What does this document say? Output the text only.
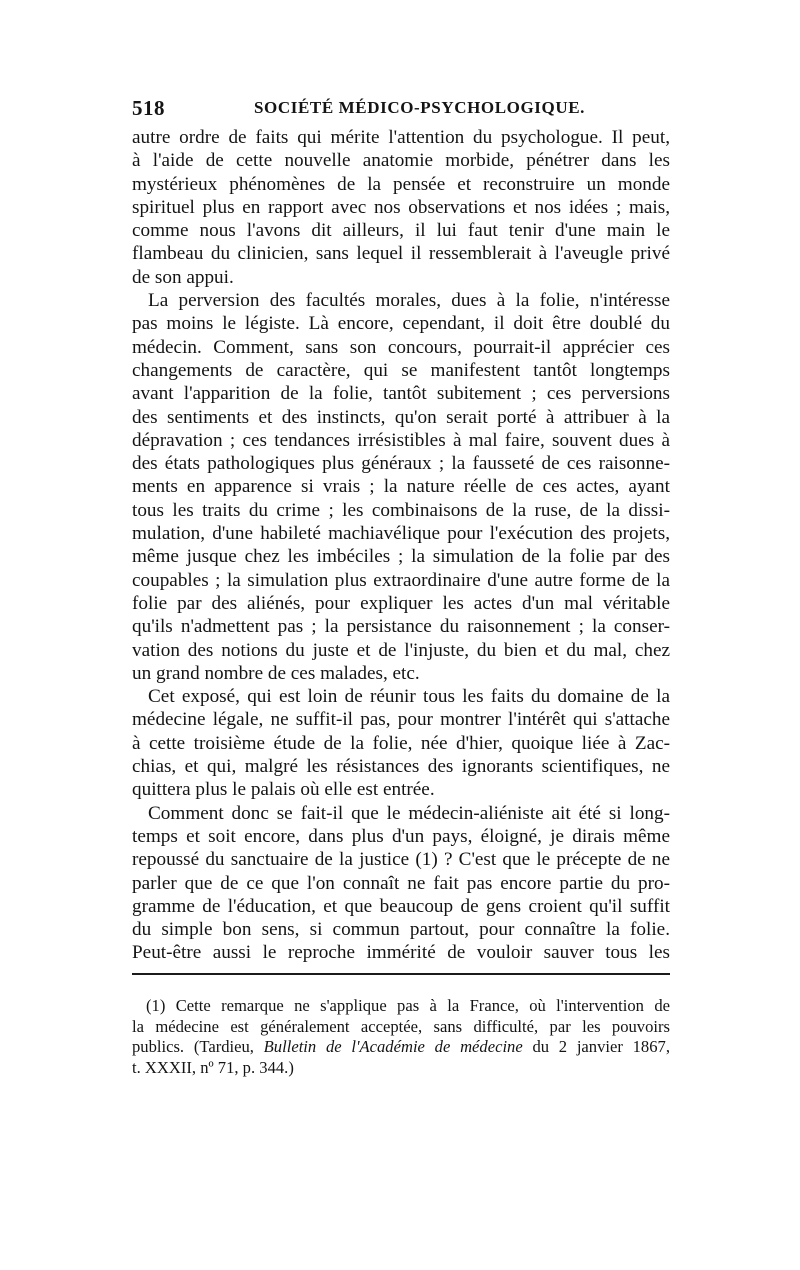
518	SOCIÉTÉ MÉDICO-PSYCHOLOGIQUE.
autre ordre de faits qui mérite l'attention du psychologue. Il peut,
à l'aide de cette nouvelle anatomie morbide, pénétrer dans les
mystérieux phénomènes de la pensée et reconstruire un monde
spirituel plus en rapport avec nos observations et nos idées ; mais,
comme nous l'avons dit ailleurs, il lui faut tenir d'une main le
flambeau du clinicien, sans lequel il ressemblerait à l'aveugle privé
de son appui.
La perversion des facultés morales, dues à la folie, n'intéresse
pas moins le légiste. Là encore, cependant, il doit être doublé du
médecin. Comment, sans son concours, pourrait-il apprécier ces
changements de caractère, qui se manifestent tantôt longtemps
avant l'apparition de la folie, tantôt subitement ; ces perversions
des sentiments et des instincts, qu'on serait porté à attribuer à la
dépravation ; ces tendances irrésistibles à mal faire, souvent dues à
des états pathologiques plus généraux ; la fausseté de ces raisonne-
ments en apparence si vrais ; la nature réelle de ces actes, ayant
tous les traits du crime ; les combinaisons de la ruse, de la dissi-
mulation, d'une habileté machiavélique pour l'exécution des projets,
même jusque chez les imbéciles ; la simulation de la folie par des
coupables ; la simulation plus extraordinaire d'une autre forme de la
folie par des aliénés, pour expliquer les actes d'un mal véritable
qu'ils n'admettent pas ; la persistance du raisonnement ; la conser-
vation des notions du juste et de l'injuste, du bien et du mal, chez
un grand nombre de ces malades, etc.
Cet exposé, qui est loin de réunir tous les faits du domaine de la
médecine légale, ne suffit-il pas, pour montrer l'intérêt qui s'attache
à cette troisième étude de la folie, née d'hier, quoique liée à Zac-
chias, et qui, malgré les résistances des ignorants scientifiques, ne
quittera plus le palais où elle est entrée.
Comment donc se fait-il que le médecin-aliéniste ait été si long-
temps et soit encore, dans plus d'un pays, éloigné, je dirais même
repoussé du sanctuaire de la justice (1) ? C'est que le précepte de ne
parler que de ce que l'on connaît ne fait pas encore partie du pro-
gramme de l'éducation, et que beaucoup de gens croient qu'il suffit
du simple bon sens, si commun partout, pour connaître la folie.
Peut-être aussi le reproche immérité de vouloir sauver tous les
(1) Cette remarque ne s'applique pas à la France, où l'intervention de
la médecine est généralement acceptée, sans difficulté, par les pouvoirs
publics. (Tardieu, Bulletin de l'Académie de médecine du 2 janvier 1867,
t. XXXII, nº 71, p. 344.)
